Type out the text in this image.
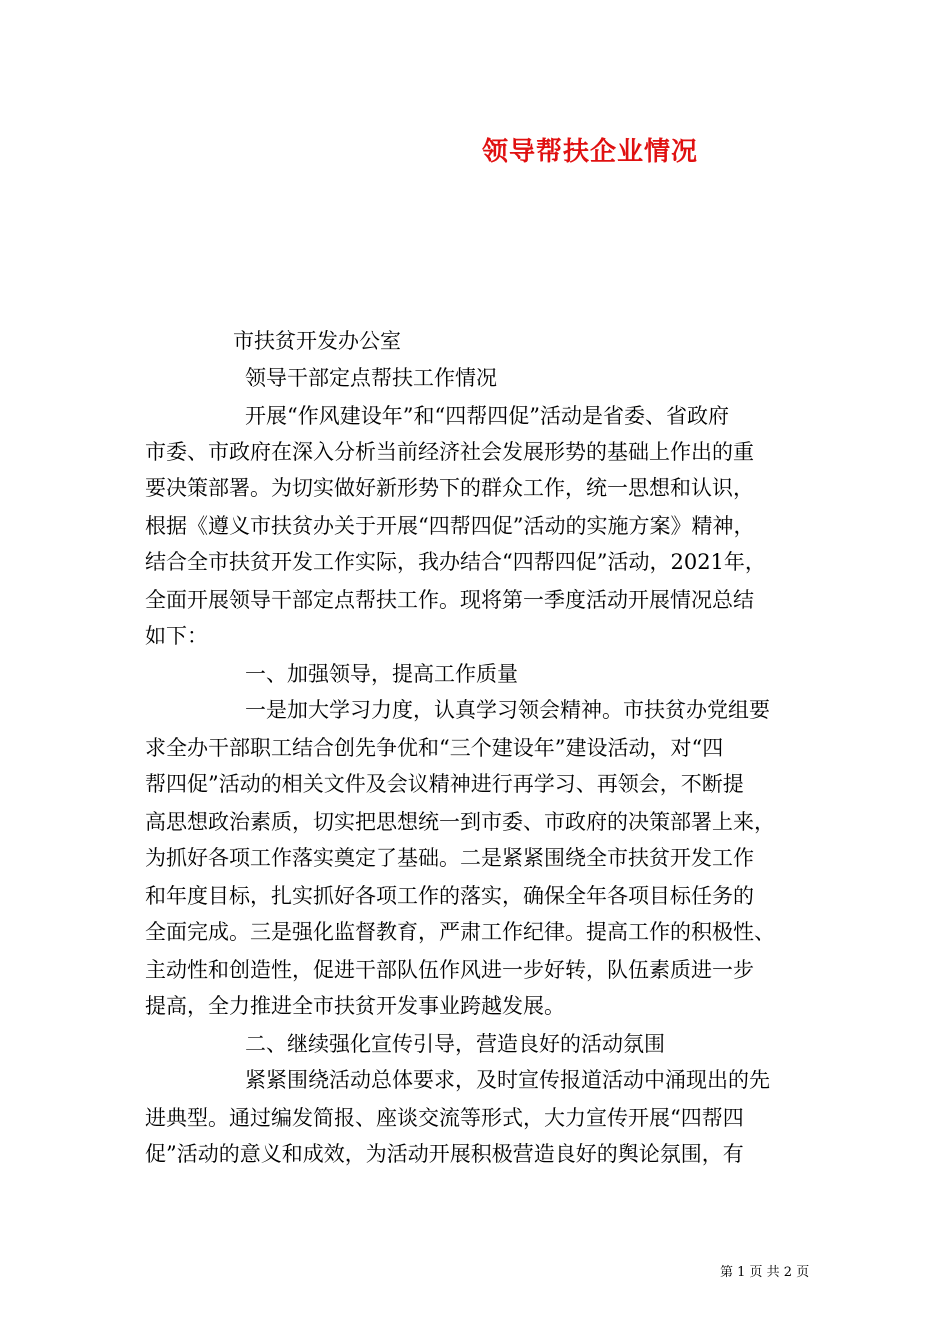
领导帮扶企业情况
市扶贫开发办公室
领导干部定点帮扶工作情况
开展“作风建设年”和“四帮四促”活动是省委、省政府
市委、市政府在深入分析当前经济社会发展形势的基础上作出的重
要决策部署。为切实做好新形势下的群众工作，统一思想和认识，
根据《遵义市扶贫办关于开展“四帮四促”活动的实施方案》精神，
结合全市扶贫开发工作实际，我办结合“四帮四促”活动，2021年，
全面开展领导干部定点帮扶工作。现将第一季度活动开展情况总结
如下：
一、加强领导，提高工作质量
一是加大学习力度，认真学习领会精神。市扶贫办党组要
求全办干部职工结合创先争优和“三个建设年”建设活动，对“四
帮四促”活动的相关文件及会议精神进行再学习、再领会，不断提
高思想政治素质，切实把思想统一到市委、市政府的决策部署上来，
为抓好各项工作落实奠定了基础。二是紧紧围绕全市扶贫开发工作
和年度目标，扎实抓好各项工作的落实，确保全年各项目标任务的
全面完成。三是强化监督教育，严肃工作纪律。提高工作的积极性、
主动性和创造性，促进干部队伍作风进一步好转，队伍素质进一步
提高，全力推进全市扶贫开发事业跨越发展。
二、继续强化宣传引导，营造良好的活动氛围
紧紧围绕活动总体要求，及时宣传报道活动中涌现出的先
进典型。通过编发简报、座谈交流等形式，大力宣传开展“四帮四
促”活动的意义和成效，为活动开展积极营造良好的舆论氛围，有
第 1 页 共 2 页
